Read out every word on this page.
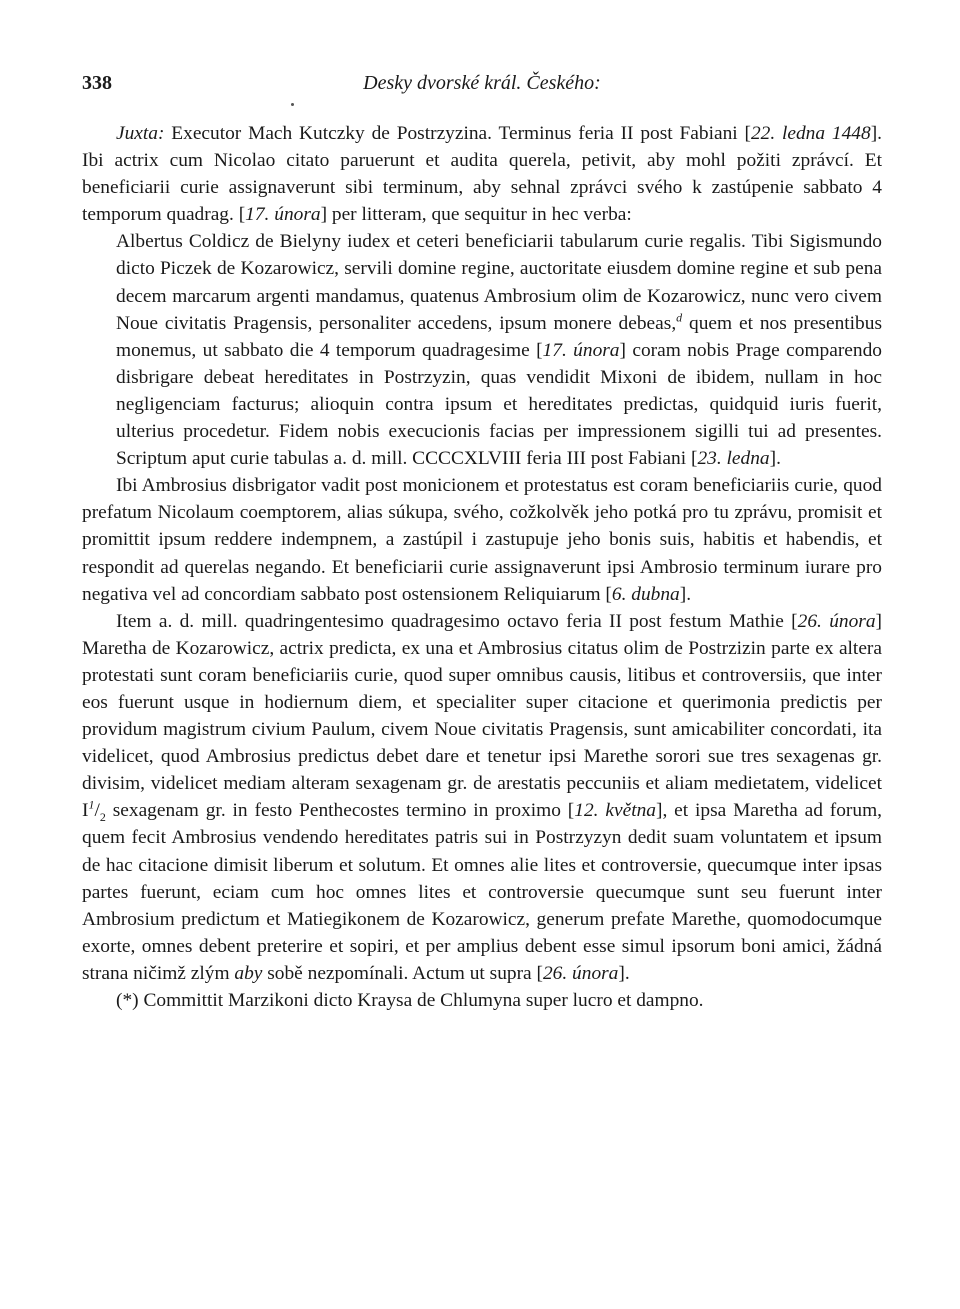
338	Desky dvorské král. Českého:

Juxta: Executor Mach Kutczky de Postrzyzina. Terminus feria II post Fabiani [22. ledna 1448]. Ibi actrix cum Nicolao citato paruerunt et audita querela, petivit, aby mohl požiti zprávcí. Et beneficiarii curie assignaverunt sibi terminum, aby sehnal zprávci svého k zastúpenie sabbato 4 temporum quadrag. [17. února] per litteram, que sequitur in hec verba:

Albertus Coldicz de Bielyny iudex et ceteri beneficiarii tabularum curie regalis. Tibi Sigismundo dicto Piczek de Kozarowicz, servili domine regine, auctoritate eiusdem domine regine et sub pena decem marcarum argenti mandamus, quatenus Ambrosium olim de Kozarowicz, nunc vero civem Noue civitatis Pragensis, personaliter accedens, ipsum monere debeas,$^d$ quem et nos presentibus monemus, ut sabbato die 4 temporum quadragesime [17. února] coram nobis Prage comparendo disbrigare debeat hereditates in Postrzyzin, quas vendidit Mixoni de ibidem, nullam in hoc negligenciam facturus; alioquin contra ipsum et hereditates predictas, quidquid iuris fuerit, ulterius procedetur. Fidem nobis execucionis facias per impressionem sigilli tui ad presentes. Scriptum aput curie tabulas a. d. mill. CCCCXLVIII feria III post Fabiani [23. ledna].

Ibi Ambrosius disbrigator vadit post monicionem et protestatus est coram beneficiariis curie, quod prefatum Nicolaum coemptorem, alias súkupa, svého, cožkolvěk jeho potká pro tu zprávu, promisit et promittit ipsum reddere indempnem, a zastúpil i zastupuje jeho bonis suis, habitis et habendis, et respondit ad querelas negando. Et beneficiarii curie assignaverunt ipsi Ambrosio terminum iurare pro negativa vel ad concordiam sabbato post ostensionem Reliquiarum [6. dubna].

Item a. d. mill. quadringentesimo quadragesimo octavo feria II post festum Mathie [26. února] Maretha de Kozarowicz, actrix predicta, ex una et Ambrosius citatus olim de Postrzizin parte ex altera protestati sunt coram beneficiariis curie, quod super omnibus causis, litibus et controversiis, que inter eos fuerunt usque in hodiernum diem, et specialiter super citacione et querimonia predictis per providum magistrum civium Paulum, civem Noue civitatis Pragensis, sunt amicabiliter concordati, ita videlicet, quod Ambrosius predictus debet dare et tenetur ipsi Marethe sorori sue tres sexagenas gr. divisim, videlicet mediam alteram sexagenam gr. de arestatis peccuniis et aliam medietatem, videlicet $I^1/_2$ sexagenam gr. in festo Penthecostes termino in proximo [12. května], et ipsa Maretha ad forum, quem fecit Ambrosius vendendo hereditates patris sui in Postrzyzyn dedit suam voluntatem et ipsum de hac citacione dimisit liberum et solutum. Et omnes alie lites et controversie, quecumque inter ipsas partes fuerunt, eciam cum hoc omnes lites et controversie quecumque sunt seu fuerunt inter Ambrosium predictum et Matiegikonem de Kozarowicz, generum prefate Marethe, quomodocumque exorte, omnes debent preterire et sopiri, et per amplius debent esse simul ipsorum boni amici, žádná strana ničimž zlým aby sobě nezpomínali. Actum ut supra [26. února].

(*) Committit Marzikoni dicto Kraysa de Chlumyna super lucro et dampno.
